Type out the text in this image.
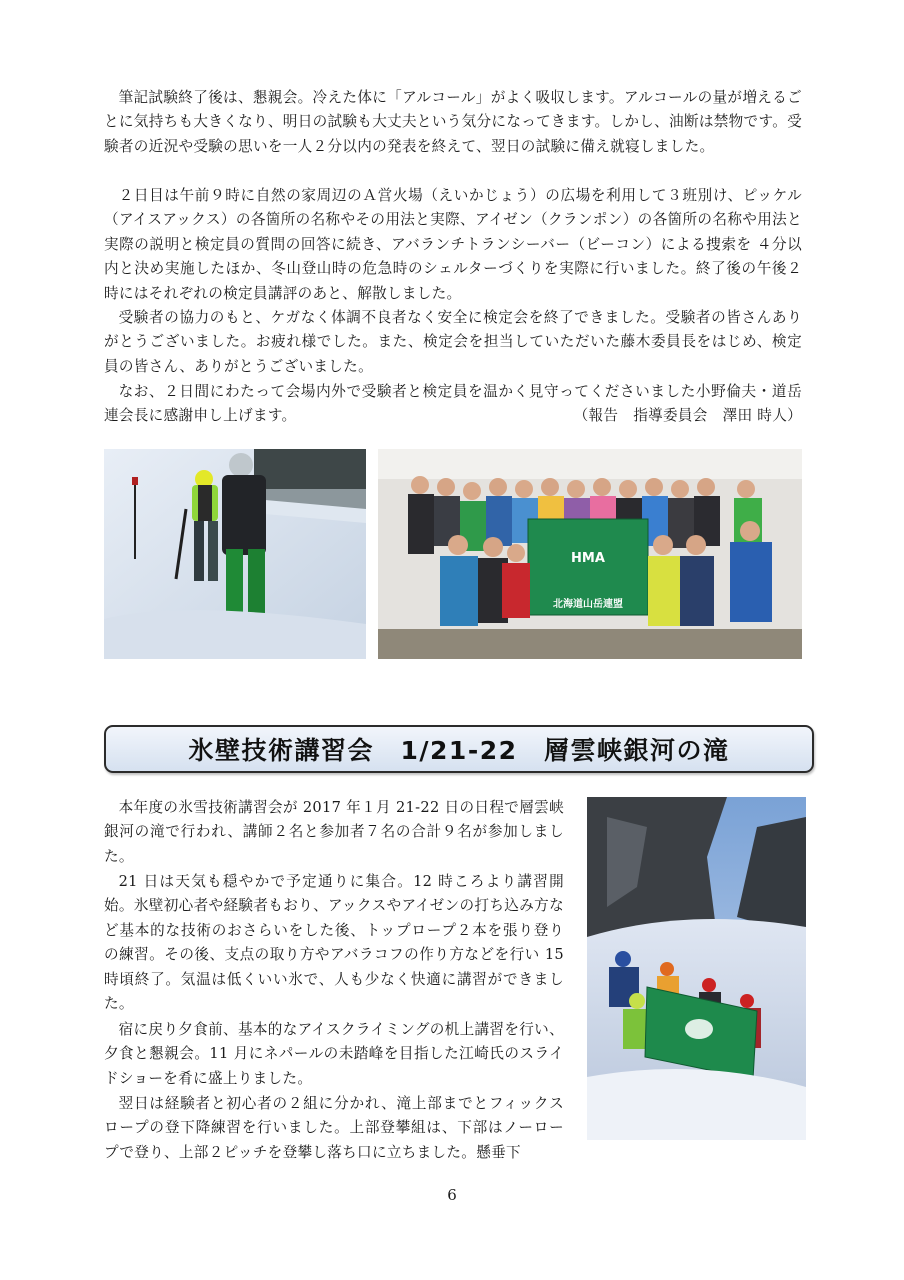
筆記試験終了後は、懇親会。冷えた体に「アルコール」がよく吸収します。アルコールの量が増えるごとに気持ちも大きくなり、明日の試験も大丈夫という気分になってきます。しかし、油断は禁物です。受験者の近況や受験の思いを一人２分以内の発表を終えて、翌日の試験に備え就寝しました。

２日目は午前９時に自然の家周辺のＡ営火場（えいかじょう）の広場を利用して３班別け、ピッケル（アイスアックス）の各箇所の名称やその用法と実際、アイゼン（クランポン）の各箇所の名称や用法と実際の説明と検定員の質問の回答に続き、アバランチトランシーバー（ビーコン）による捜索を ４分以内と決め実施したほか、冬山登山時の危急時のシェルターづくりを実際に行いました。終了後の午後２時にはそれぞれの検定員講評のあと、解散しました。

受験者の協力のもと、ケガなく体調不良者なく安全に検定会を終了できました。受験者の皆さんありがとうございました。お疲れ様でした。また、検定会を担当していただいた藤木委員長をはじめ、検定員の皆さん、ありがとうございました。

なお、２日間にわたって会場内外で受験者と検定員を温かく見守ってくださいました小野倫夫・道岳連会長に感謝申し上げます。	（報告　指導委員会　澤田 時人）

HMA
北海道山岳連盟
氷壁技術講習会　1/21-22　層雲峡銀河の滝

本年度の氷雪技術講習会が 2017 年１月 21-22 日の日程で層雲峡銀河の滝で行われ、講師２名と参加者７名の合計９名が参加しました。

21 日は天気も穏やかで予定通りに集合。12 時ころより講習開始。氷壁初心者や経験者もおり、アックスやアイゼンの打ち込み方など基本的な技術のおさらいをした後、トップロープ２本を張り登りの練習。その後、支点の取り方やアバラコフの作り方などを行い 15 時頃終了。気温は低くいい氷で、人も少なく快適に講習ができました。

宿に戻り夕食前、基本的なアイスクライミングの机上講習を行い、夕食と懇親会。11 月にネパールの未踏峰を目指した江崎氏のスライドショーを肴に盛上りました。

翌日は経験者と初心者の２組に分かれ、滝上部までとフィックスロープの登下降練習を行いました。上部登攀組は、下部はノーロープで登り、上部２ピッチを登攀し落ち口に立ちました。懸垂下

6
